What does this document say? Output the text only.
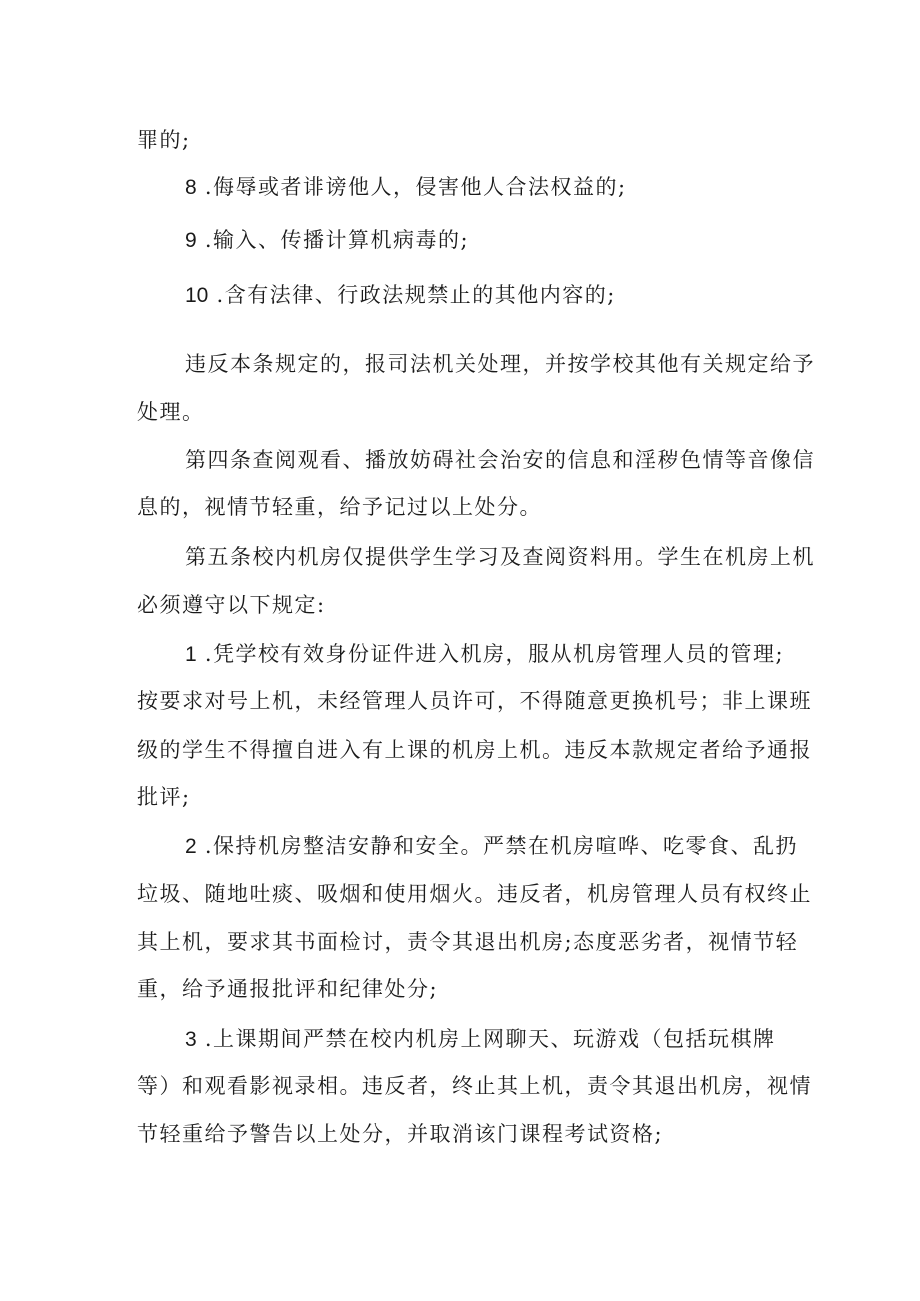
罪的;
8 .侮辱或者诽谤他人，侵害他人合法权益的;
9 .输入、传播计算机病毒的;
10 .含有法律、行政法规禁止的其他内容的;
违反本条规定的，报司法机关处理，并按学校其他有关规定给予
处理。
第四条查阅观看、播放妨碍社会治安的信息和淫秽色情等音像信
息的，视情节轻重，给予记过以上处分。
第五条校内机房仅提供学生学习及查阅资料用。学生在机房上机
必须遵守以下规定:
1 .凭学校有效身份证件进入机房，服从机房管理人员的管理;
按要求对号上机，未经管理人员许可，不得随意更换机号；非上课班
级的学生不得擅自进入有上课的机房上机。违反本款规定者给予通报
批评;
2 .保持机房整洁安静和安全。严禁在机房喧哗、吃零食、乱扔
垃圾、随地吐痰、吸烟和使用烟火。违反者，机房管理人员有权终止
其上机，要求其书面检讨，责令其退出机房;态度恶劣者，视情节轻
重，给予通报批评和纪律处分;
3 .上课期间严禁在校内机房上网聊天、玩游戏（包括玩棋牌
等）和观看影视录相。违反者，终止其上机，责令其退出机房，视情
节轻重给予警告以上处分，并取消该门课程考试资格;
